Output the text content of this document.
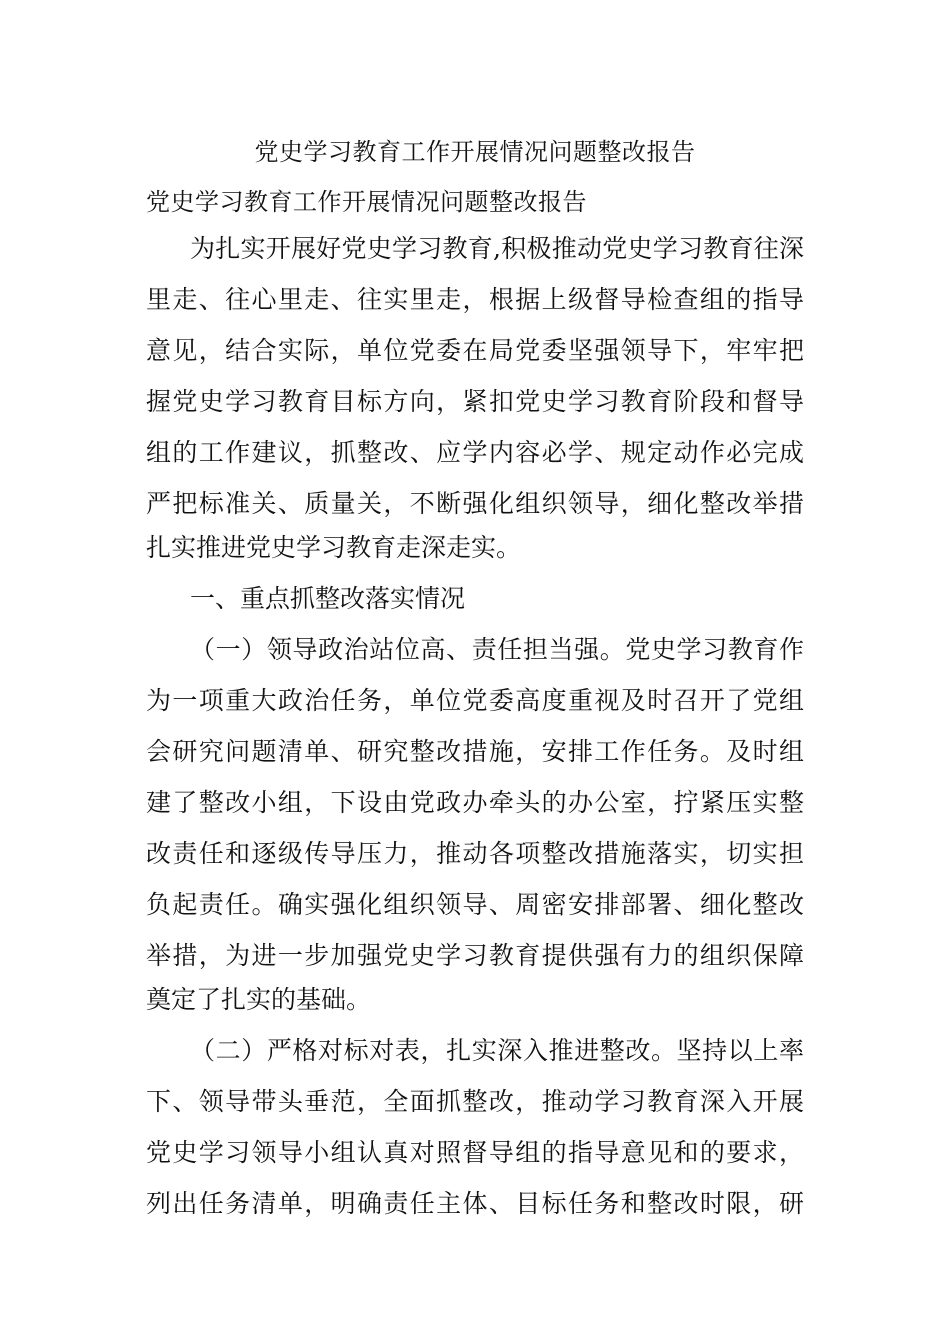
党史学习教育工作开展情况问题整改报告
党史学习教育工作开展情况问题整改报告
为扎实开展好党史学习教育,积极推动党史学习教育往深
里走、往心里走、往实里走，根据上级督导检查组的指导
意见，结合实际，单位党委在局党委坚强领导下，牢牢把
握党史学习教育目标方向，紧扣党史学习教育阶段和督导
组的工作建议，抓整改、应学内容必学、规定动作必完成
严把标准关、质量关，不断强化组织领导，细化整改举措
扎实推进党史学习教育走深走实。
一、重点抓整改落实情况
（一）领导政治站位高、责任担当强。党史学习教育作
为一项重大政治任务，单位党委高度重视及时召开了党组
会研究问题清单、研究整改措施，安排工作任务。及时组
建了整改小组，下设由党政办牵头的办公室，拧紧压实整
改责任和逐级传导压力，推动各项整改措施落实，切实担
负起责任。确实强化组织领导、周密安排部署、细化整改
举措，为进一步加强党史学习教育提供强有力的组织保障
奠定了扎实的基础。
（二）严格对标对表，扎实深入推进整改。坚持以上率
下、领导带头垂范，全面抓整改，推动学习教育深入开展
党史学习领导小组认真对照督导组的指导意见和的要求，
列出任务清单，明确责任主体、目标任务和整改时限，研
